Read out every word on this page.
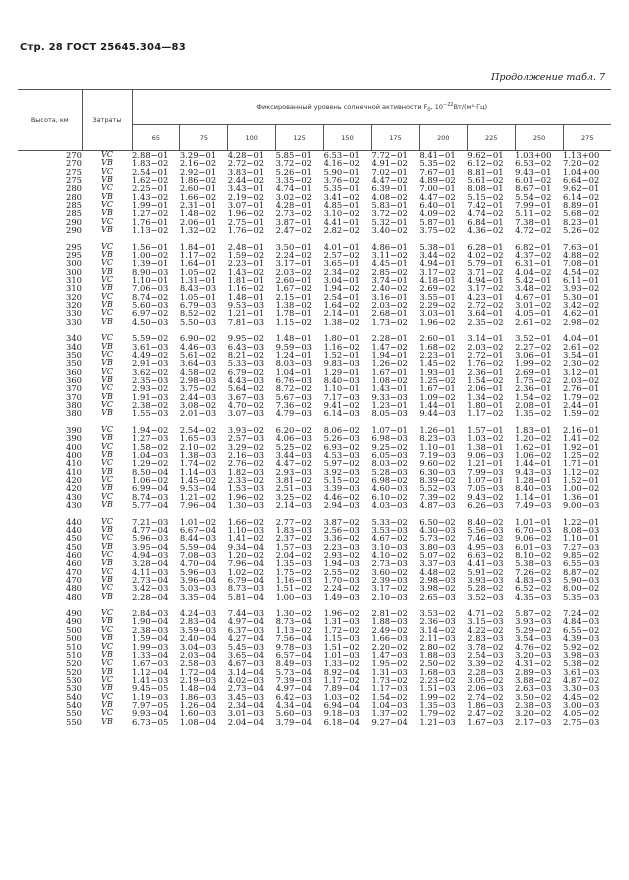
Стр. 28 ГОСТ 25645.304—83
Продолжение табл. 7
Высота, км	Затраты	Фиксированный уровень солнечной активности $F_0$, $10^{-22}Вт/(м^2\cdot Гц)$									
		65	75	100	125	150	175	200	225	250	275
270	VC	2.88−01	3.29−01	4.28−01	5.85−01	6.53−01	7.72−01	8.41−01	9.62−01	1.03+00	1.13+00
270	VB	1.83−02	2.16−02	2.72−02	3.72−02	4.16−02	4.91−02	5.35−02	6.12−02	6.53−02	7.20−02
275	VC	2.54−01	2.92−01	3.83−01	5.26−01	5.90−01	7.02−01	7.67−01	8.81−01	9.43−01	1.04+00
275	VB	1.62−02	1.86−02	2.44−02	3.35−02	3.76−02	4.47−02	4.89−02	5.61−02	6.01−02	6.64−02
280	VC	2.25−01	2.60−01	3.43−01	4.74−01	5.35−01	6.39−01	7.00−01	8.08−01	8.67−01	9.62−01
280	VB	1.43−02	1.66−02	2.19−02	3.02−02	3.41−02	4.08−02	4.47−02	5.15−02	5.54−02	6.14−02
285	VC	1.99−01	2.31−01	3.07−01	4.28−01	4.85−01	5.83−01	6.40−01	7.42−01	7.99−01	8.89−01
285	VB	1.27−02	1.48−02	1.96−02	2.73−02	3.10−02	3.72−02	4.09−02	4.74−02	5.11−02	5.68−02
290	VC	1.76−01	2.06−01	2.75−01	3.87−01	4.41−01	5.32−01	5.87−01	6.84−01	7.38−01	8.23−01
290	VB	1.13−02	1.32−02	1.76−02	2.47−02	2.82−02	3.40−02	3.75−02	4.36−02	4.72−02	5.26−02

295	VC	1.56−01	1.84−01	2.48−01	3.50−01	4.01−01	4.86−01	5.38−01	6.28−01	6.82−01	7.63−01
295	VB	1.00−02	1.17−02	1.59−02	2.24−02	2.57−02	3.11−02	3.44−02	4.02−02	4.37−02	4.88−02
300	VC	1.39−01	1.64−01	2.23−01	3.17−01	3.65−01	4.45−01	4.94−01	5.79−01	6.31−01	7.08−01
300	VB	8.90−03	1.05−02	1.43−02	2.03−02	2.34−02	2.85−02	3.17−02	3.71−02	4.04−02	4.54−02
310	VC	1.10−01	1.31−01	1.81−01	2.60−01	3.04−01	3.74−01	4.18−01	4.94−01	5.42−01	6.11−01
310	VB	7.06−03	8.43−03	1.16−02	1.67−02	1.94−02	2.40−02	2.69−02	3.17−02	3.48−02	3.93−02
320	VC	8.74−02	1.05−01	1.48−01	2.15−01	2.54−01	3.16−01	3.55−01	4.23−01	4.67−01	5.30−01
320	VB	5.60−03	6.79−03	9.53−03	1.38−02	1.64−02	2.03−02	2.29−02	2.72−02	3.01−02	3.42−02
330	VC	6.97−02	8.52−02	1.21−01	1.78−01	2.14−01	2.68−01	3.03−01	3.64−01	4.05−01	4.62−01
330	VB	4.50−03	5.50−03	7.81−03	1.15−02	1.38−02	1.73−02	1.96−02	2.35−02	2.61−02	2.98−02

340	VC	5.59−02	6.90−02	9.95−02	1.48−01	1.80−01	2.28−01	2.60−01	3.14−01	3.52−01	4.04−01
340	VB	3.61−03	4.46−03	6.43−03	9.59−03	1.16−02	1.47−02	1.68−02	2.03−02	2.27−02	2.61−02
350	VC	4.49−02	5.61−02	8.21−02	1.24−01	1.52−01	1.94−01	2.23−01	2.72−01	3.06−01	3.54−01
350	VB	2.91−03	3.64−03	5.33−03	8.03−03	9.83−03	1.26−02	1.45−02	1.76−02	1.99−02	2.30−02
360	VC	3.62−02	4.58−02	6.79−02	1.04−01	1.29−01	1.67−01	1.93−01	2.36−01	2.69−01	3.12−01
360	VB	2.35−03	2.98−03	4.43−03	6.76−03	8.40−03	1.08−02	1.25−02	1.54−02	1.75−02	2.03−02
370	VC	2.93−02	3.75−02	5.64−02	8.72−02	1.10−01	1.43−01	1.67−01	2.06−01	2.36−01	2.76−01
370	VB	1.91−03	2.44−03	3.67−03	5.67−03	7.17−03	9.33−03	1.09−02	1.34−02	1.54−02	1.79−02
380	VC	2.38−02	3.08−02	4.70−02	7.36−02	9.41−02	1.23−01	1.44−01	1.80−01	2.08−01	2.44−01
380	VB	1.55−03	2.01−03	3.07−03	4.79−03	6.14−03	8.05−03	9.44−03	1.17−02	1.35−02	1.59−02

390	VC	1.94−02	2.54−02	3.93−02	6.20−02	8.06−02	1.07−01	1.26−01	1.57−01	1.83−01	2.16−01
390	VB	1.27−03	1.65−03	2.57−03	4.06−03	5.26−03	6.98−03	8.23−03	1.03−02	1.20−02	1.41−02
400	VC	1.58−02	2.10−02	3.29−02	5.25−02	6.93−02	9.25−02	1.10−01	1.38−01	1.62−01	1.92−01
400	VB	1.04−03	1.38−03	2.16−03	3.44−03	4.53−03	6.05−03	7.19−03	9.06−03	1.06−02	1.25−02
410	VC	1.29−02	1.74−02	2.76−02	4.47−02	5.97−02	8.03−02	9.60−02	1.21−01	1.44−01	1.71−01
410	VB	8.50−04	1.14−03	1.82−03	2.93−03	3.92−03	5.28−03	6.30−03	7.99−03	9.43−03	1.12−02
420	VC	1.06−02	1.45−02	2.33−02	3.81−02	5.15−02	6.98−02	8.39−02	1.07−01	1.28−01	1.52−01
420	VB	6.99−04	9.53−04	1.53−03	2.51−03	3.39−03	4.60−03	5.52−03	7.05−03	8.40−03	1.00−02
430	VC	8.74−03	1.21−02	1.96−02	3.25−02	4.46−02	6.10−02	7.39−02	9.43−02	1.14−01	1.36−01
430	VB	5.77−04	7.96−04	1.30−03	2.14−03	2.94−03	4.03−03	4.87−03	6.26−03	7.49−03	9.00−03

440	VC	7.21−03	1.01−02	1.66−02	2.77−02	3.87−02	5.33−02	6.50−02	8.40−02	1.01−01	1.22−01
440	VB	4.77−04	6.67−04	1.10−03	1.83−03	2.56−03	3.53−03	4.30−03	5.56−03	6.70−03	8.08−03
450	VC	5.96−03	8.44−03	1.41−02	2.37−02	3.36−02	4.67−02	5.73−02	7.46−02	9.06−02	1.10−01
450	VB	3.95−04	5.59−04	9.34−04	1.57−03	2.23−03	3.10−03	3.80−03	4.95−03	6.01−03	7.27−03
460	VC	4.94−03	7.08−03	1.20−02	2.04−02	2.93−02	4.10−02	5.07−02	6.63−02	8.10−02	9.85−02
460	VB	3.28−04	4.70−04	7.96−04	1.35−03	1.94−03	2.73−03	3.37−03	4.41−03	5.38−03	6.55−03
470	VC	4.11−03	5.96−03	1.02−02	1.75−02	2.55−02	3.60−02	4.48−02	5.91−02	7.26−02	8.87−02
470	VB	2.73−04	3.96−04	6.79−04	1.16−03	1.70−03	2.39−03	2.98−03	3.93−03	4.83−03	5.90−03
480	VC	3.42−03	5.03−03	8.73−03	1.51−02	2.24−02	3.17−02	3.98−02	5.28−02	6.52−02	8.00−02
480	VB	2.28−04	3.35−04	5.81−04	1.00−03	1.49−03	2.10−03	2.65−03	3.52−03	4.35−03	5.35−03

490	VC	2.84−03	4.24−03	7.44−03	1.30−02	1.96−02	2.81−02	3.53−02	4.71−02	5.87−02	7.24−02
490	VB	1.90−04	2.83−04	4.97−04	8.73−04	1.31−03	1.88−03	2.36−03	3.15−03	3.93−03	4.84−03
500	VC	2.38−03	3.59−03	6.37−03	1.13−02	1.72−02	2.49−02	3.14−02	4.22−02	5.29−02	6.55−02
500	VB	1.59−04	2.40−04	4.27−04	7.56−04	1.15−03	1.66−03	2.11−03	2.83−03	3.54−03	4.39−03
510	VC	1.99−03	3.04−03	5.45−03	9.78−03	1.51−02	2.20−02	2.80−02	3.78−02	4.76−02	5.92−02
510	VB	1.33−04	2.03−04	3.65−04	6.57−04	1.01−03	1.47−03	1.88−03	2.54−03	3.20−03	3.98−03
520	VC	1.67−03	2.58−03	4.67−03	8.49−03	1.33−02	1.95−02	2.50−02	3.39−02	4.31−02	5.38−02
520	VB	1.12−04	1.72−04	3.14−04	5.73−04	8.92−04	1.31−03	1.68−03	2.28−03	2.89−03	3.61−03
530	VC	1.41−03	2.19−03	4.02−03	7.39−03	1.17−02	1.73−02	2.23−02	3.05−02	3.88−02	4.87−02
530	VB	9.45−05	1.48−04	2.73−04	4.97−04	7.89−04	1.17−03	1.51−03	2.06−03	2.63−03	3.30−03
540	VC	1.19−03	1.86−03	3.45−03	6.42−03	1.03−02	1.54−02	1.99−02	2.74−02	3.50−02	4.45−02
540	VB	7.97−05	1.26−04	2.34−04	4.34−04	6.94−04	1.04−03	1.35−03	1.86−03	2.38−03	3.00−03
550	VC	9.93−04	1.60−03	3.01−03	5.60−03	9.18−03	1.37−02	1.79−02	2.47−02	3.20−02	4.05−02
550	VB	6.73−05	1.08−04	2.04−04	3.79−04	6.18−04	9.27−04	1.21−03	1.67−03	2.17−03	2.75−03
